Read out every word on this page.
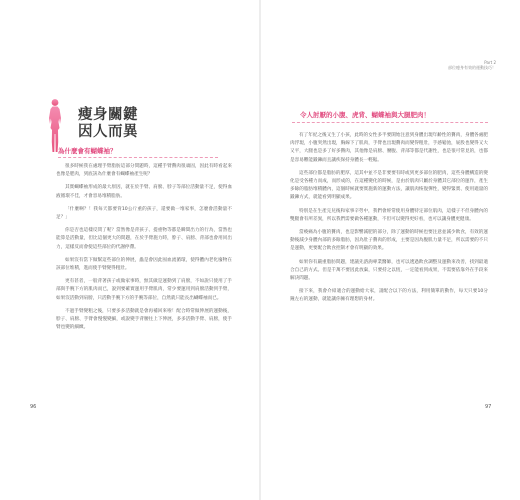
瘦身關鍵
因人而異
為什麼會有蝴蝶袖？

很多時候我在處理手臂脂肪這部分問題時，這種手臂贅肉很頑固，因此有時看起來也像是肥肉，到底該為什麼會有蝴蝶袖產生呢？

其實蝴蝶袖形成的最大原因，就在於手臂、肩膀、脖子等部位活動量不足，使得血液循環不佳，才會容易堆積脂肪。

「什麼啊？！我每天都要背10公斤重的孩子，還要做一堆家事，怎麼會活動量不足？」

你是否也這樣反問了呢？當然像是背孩子、提重物等都是瞬間出力的行為，當然也能算是活動量，但比這個更大的問題，在於手臂施力時，脖子、肩膀、背部也會用同出力，這樣反而會使這些部位的代謝停滯。

如果沒有當下做幫這些部位的伸展，蟲是會因此囤血流循環，使得體內老化廢物在該部位堆積，進而使手臂變得粗壯。

更有甚者，一般背著孩子或做家事時，無其做是運動到了肩膀，不如說只使用了手部與手腕下方的肌肉而已，說到要確實運用手臂肌肉，常少要運用到肩膀活動到手臂，如果沒活動到肩膀，只活動手腕下方的手腕等部位，自然就只能長出蝴蝶袖而已。

不過手臂變粗之後，只要多多活動就是會再補回來啦！配合時常做伸展的運動後，脖子、肩膀、手臂會慢慢變細，或說變手背腰往上下伸展，多多活動手臂、肩膀，使手臂也變的細緻。

96
Part 2
部位瘦身有效的運動技巧！
令人討厭的小腹、虎背、蝴蝶袖與大腿肥肉！

有了年紀之後又生了小孩，此時的女性多半要開始注意到身體出現年齡性的贅肉，身體各處肥肉浮現，小腹突然出現，胸線下了肌肉，手臂也出現贅肉而變得粗壯，手感鬆弛，屁股也變得又大又平，大腿也是多了好多贅肉，其他像是肩膀、腰腹、背部等都是代謝性，也是很可常見的，也都是容易難能鍛鍊而且讓疾保持身體長一輕鬆。

這些部位都是脂肪的肥厚，這其中並不是非要要有時或到更多部位的肥肉，這些身體構造的變化是受各種力而成，而形成的，在這種變化的時候，是由於肌肉只屬於身體其它部位的運作，產生多餘的脂肪堆積體內，這個時候就要實施新的運動方法，讓肌肉恢復彈性，變得緊實、使用適量的鍛鍊方式，就能看到明顯成果。

特別是在生產完兒後和家事辛勞中，我們會經常使用身體特定部位肌肉，這樣子不但身體內的雙腿會有所差異，所以我們需要做各種運動，不但可以變得更好看，也可以讓身體更健康。

當痠痛為小腹的贅肉，也是影響減肥的部分，除了運動的時候也要注意並減少飲食，有效的運動後減少身體內部的多餘脂肪，因為肚子贅肉的形成，主要是因為腹肌力量不足，所以需要的不只是運動，更要配合飲食控制才會有明顯的效果。

如果你有嚴重脂肪問題，建議先諮詢專業醫師，也可以透過飲食調整及運動來改善，找到最適合自己的方式。但是千萬不要因此放棄，只要持之以恆，一定能看到成果，不需要依靠外在手段來解決問題。

接下來，我會介紹適合的運動給大家，請配合以下的方法，利用簡單的動作，每天只要10分鐘左右的運動，就能讓你擁有理想的身材。

97
